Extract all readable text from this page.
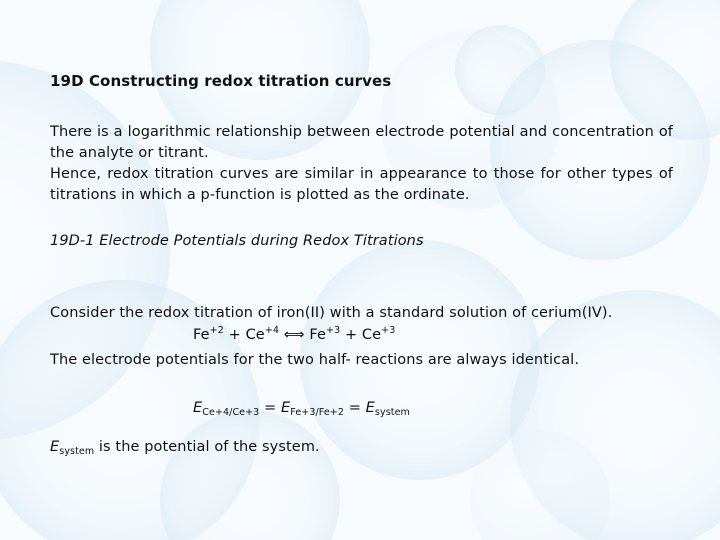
19D Constructing redox titration curves
There is a logarithmic relationship between electrode potential and concentration of
the analyte or titrant.
Hence, redox titration curves are similar in appearance to those for other types of
titrations in which a p-function is plotted as the ordinate.
19D-1 Electrode Potentials during Redox Titrations
Consider the redox titration of iron(II) with a standard solution of cerium(IV).
$Fe^{+2} + Ce^{+4}$ ⟺ $Fe^{+3} + Ce^{+3}$
The electrode potentials for the two half- reactions are always identical.
$E_{Ce+4/Ce+3} = E_{Fe+3/Fe+2} = E_{system}$
$E_{system}$ is the potential of the system.
